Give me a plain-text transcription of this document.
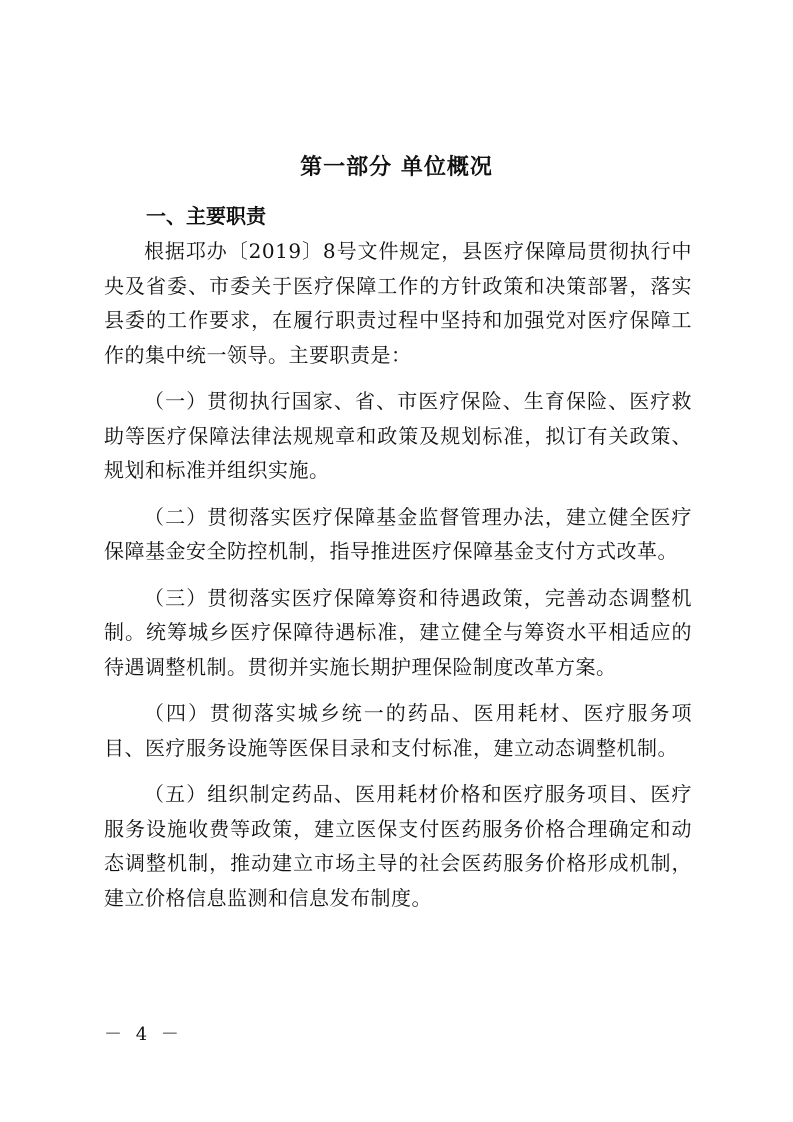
第一部分 单位概况
一、主要职责

根据邛办〔2019〕8号文件规定，县医疗保障局贯彻执行中央及省委、市委关于医疗保障工作的方针政策和决策部署，落实县委的工作要求，在履行职责过程中坚持和加强党对医疗保障工作的集中统一领导。主要职责是：

（一）贯彻执行国家、省、市医疗保险、生育保险、医疗救助等医疗保障法律法规规章和政策及规划标准，拟订有关政策、规划和标准并组织实施。

（二）贯彻落实医疗保障基金监督管理办法，建立健全医疗保障基金安全防控机制，指导推进医疗保障基金支付方式改革。

（三）贯彻落实医疗保障筹资和待遇政策，完善动态调整机制。统筹城乡医疗保障待遇标准，建立健全与筹资水平相适应的待遇调整机制。贯彻并实施长期护理保险制度改革方案。

（四）贯彻落实城乡统一的药品、医用耗材、医疗服务项目、医疗服务设施等医保目录和支付标准，建立动态调整机制。

（五）组织制定药品、医用耗材价格和医疗服务项目、医疗服务设施收费等政策，建立医保支付医药服务价格合理确定和动态调整机制，推动建立市场主导的社会医药服务价格形成机制，建立价格信息监测和信息发布制度。

－ 4 －
